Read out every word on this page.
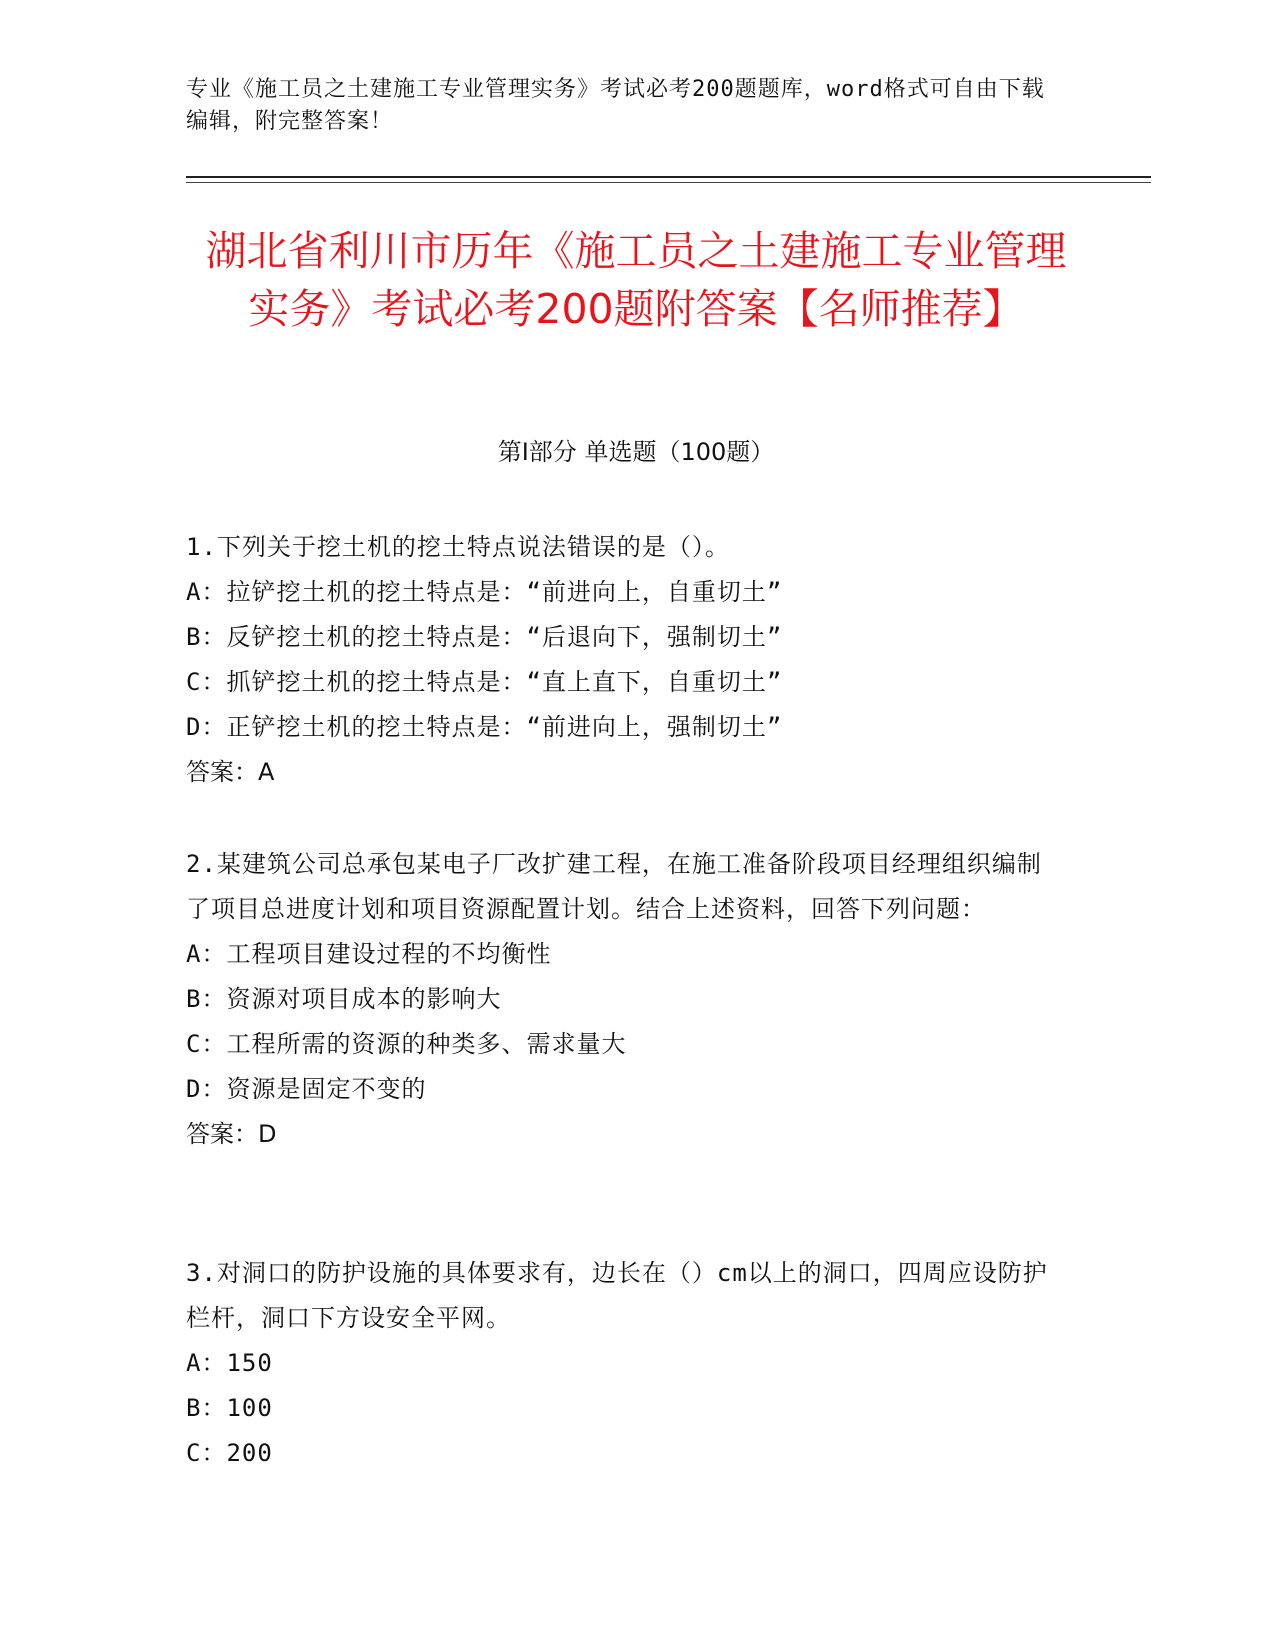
专业《施工员之土建施工专业管理实务》考试必考200题题库，word格式可自由下载编辑，附完整答案！
湖北省利川市历年《施工员之土建施工专业管理实务》考试必考200题附答案【名师推荐】
第I部分 单选题（100题）
1.下列关于挖土机的挖土特点说法错误的是（）。
A：拉铲挖土机的挖土特点是：“前进向上，自重切土”
B：反铲挖土机的挖土特点是：“后退向下，强制切土”
C：抓铲挖土机的挖土特点是：“直上直下，自重切土”
D：正铲挖土机的挖土特点是：“前进向上，强制切土”
答案：A
2.某建筑公司总承包某电子厂改扩建工程，在施工准备阶段项目经理组织编制了项目总进度计划和项目资源配置计划。结合上述资料，回答下列问题：
A：工程项目建设过程的不均衡性
B：资源对项目成本的影响大
C：工程所需的资源的种类多、需求量大
D：资源是固定不变的
答案：D
3.对洞口的防护设施的具体要求有，边长在（）cm以上的洞口，四周应设防护栏杆，洞口下方设安全平网。
A：150
B：100
C：200
